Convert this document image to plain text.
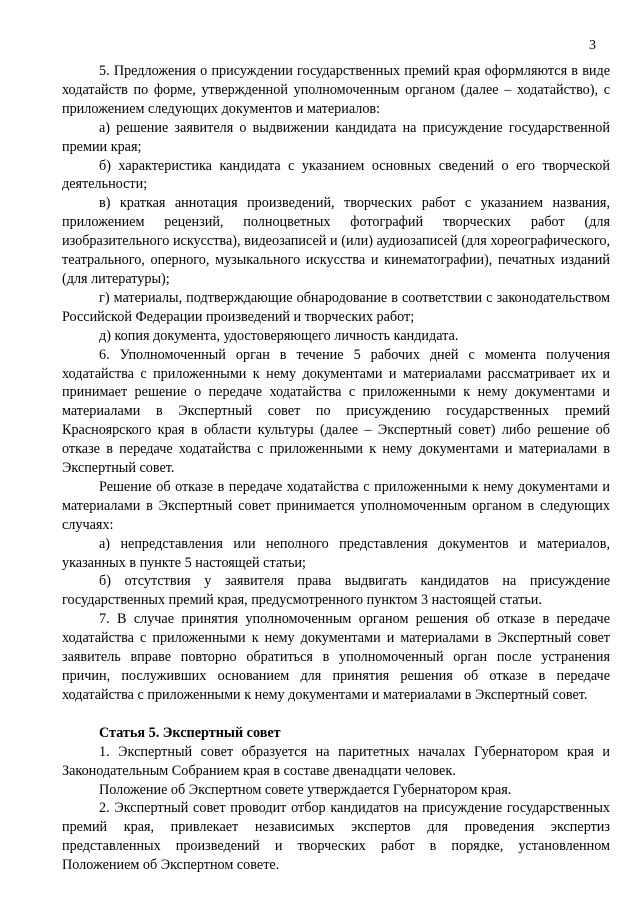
3

5. Предложения о присуждении государственных премий края оформляются в виде ходатайств по форме, утвержденной уполномоченным органом (далее – ходатайство), с приложением следующих документов и материалов:

а) решение заявителя о выдвижении кандидата на присуждение государственной премии края;

б) характеристика кандидата с указанием основных сведений о его творческой деятельности;

в) краткая аннотация произведений, творческих работ с указанием названия, приложением рецензий, полноцветных фотографий творческих работ (для изобразительного искусства), видеозаписей и (или) аудиозаписей (для хореографического, театрального, оперного, музыкального искусства и кинематографии), печатных изданий (для литературы);

г) материалы, подтверждающие обнародование в соответствии с законодательством Российской Федерации произведений и творческих работ;

д) копия документа, удостоверяющего личность кандидата.

6. Уполномоченный орган в течение 5 рабочих дней с момента получения ходатайства с приложенными к нему документами и материалами рассматривает их и принимает решение о передаче ходатайства с приложенными к нему документами и материалами в Экспертный совет по присуждению государственных премий Красноярского края в области культуры (далее – Экспертный совет) либо решение об отказе в передаче ходатайства с приложенными к нему документами и материалами в Экспертный совет.

Решение об отказе в передаче ходатайства с приложенными к нему документами и материалами в Экспертный совет принимается уполномоченным органом в следующих случаях:

а) непредставления или неполного представления документов и материалов, указанных в пункте 5 настоящей статьи;

б) отсутствия у заявителя права выдвигать кандидатов на присуждение государственных премий края, предусмотренного пунктом 3 настоящей статьи.

7. В случае принятия уполномоченным органом решения об отказе в передаче ходатайства с приложенными к нему документами и материалами в Экспертный совет заявитель вправе повторно обратиться в уполномоченный орган после устранения причин, послуживших основанием для принятия решения об отказе в передаче ходатайства с приложенными к нему документами и материалами в Экспертный совет.

Статья 5. Экспертный совет

1. Экспертный совет образуется на паритетных началах Губернатором края и Законодательным Собранием края в составе двенадцати человек.

Положение об Экспертном совете утверждается Губернатором края.

2. Экспертный совет проводит отбор кандидатов на присуждение государственных премий края, привлекает независимых экспертов для проведения экспертиз представленных произведений и творческих работ в порядке, установленном Положением об Экспертном совете.
